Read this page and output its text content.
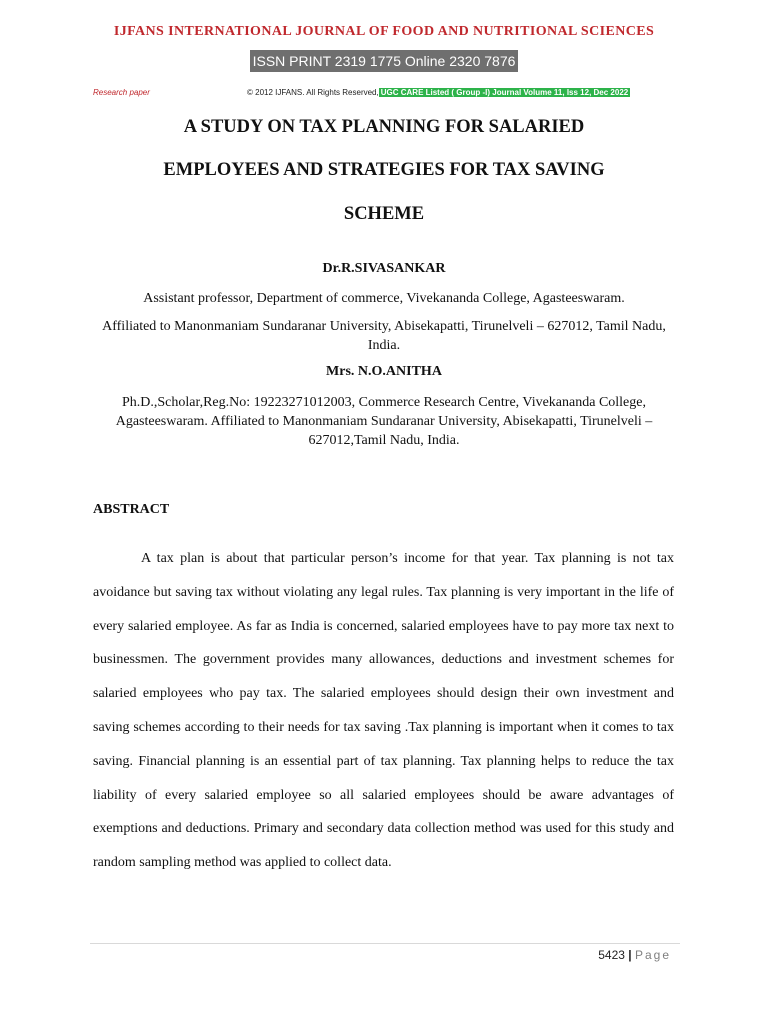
IJFANS INTERNATIONAL JOURNAL OF FOOD AND NUTRITIONAL SCIENCES
ISSN PRINT 2319 1775 Online 2320 7876
Research paper	© 2012 IJFANS. All Rights Reserved, UGC CARE Listed ( Group -I) Journal Volume 11, Iss 12, Dec 2022
A STUDY ON TAX PLANNING FOR SALARIED
EMPLOYEES AND STRATEGIES FOR TAX SAVING
SCHEME
Dr.R.SIVASANKAR
Assistant professor, Department of commerce, Vivekananda College, Agasteeswaram.
Affiliated to Manonmaniam Sundaranar University, Abisekapatti, Tirunelveli – 627012, Tamil Nadu, India.
Mrs. N.O.ANITHA
Ph.D.,Scholar,Reg.No: 19223271012003, Commerce Research Centre, Vivekananda College, Agasteeswaram. Affiliated to Manonmaniam Sundaranar University, Abisekapatti, Tirunelveli – 627012,Tamil Nadu, India.
ABSTRACT
A tax plan is about that particular person’s income for that year. Tax planning is not tax avoidance but saving tax without violating any legal rules. Tax planning is very important in the life of every salaried employee. As far as India is concerned, salaried employees have to pay more tax next to businessmen. The government provides many allowances, deductions and investment schemes for salaried employees who pay tax. The salaried employees should design their own investment and saving schemes according to their needs for tax saving .Tax planning is important when it comes to tax saving. Financial planning is an essential part of tax planning. Tax planning helps to reduce the tax liability of every salaried employee so all salaried employees should be aware advantages of exemptions and deductions. Primary and secondary data collection method was used for this study and random sampling method was applied to collect data.
5423 | Page
